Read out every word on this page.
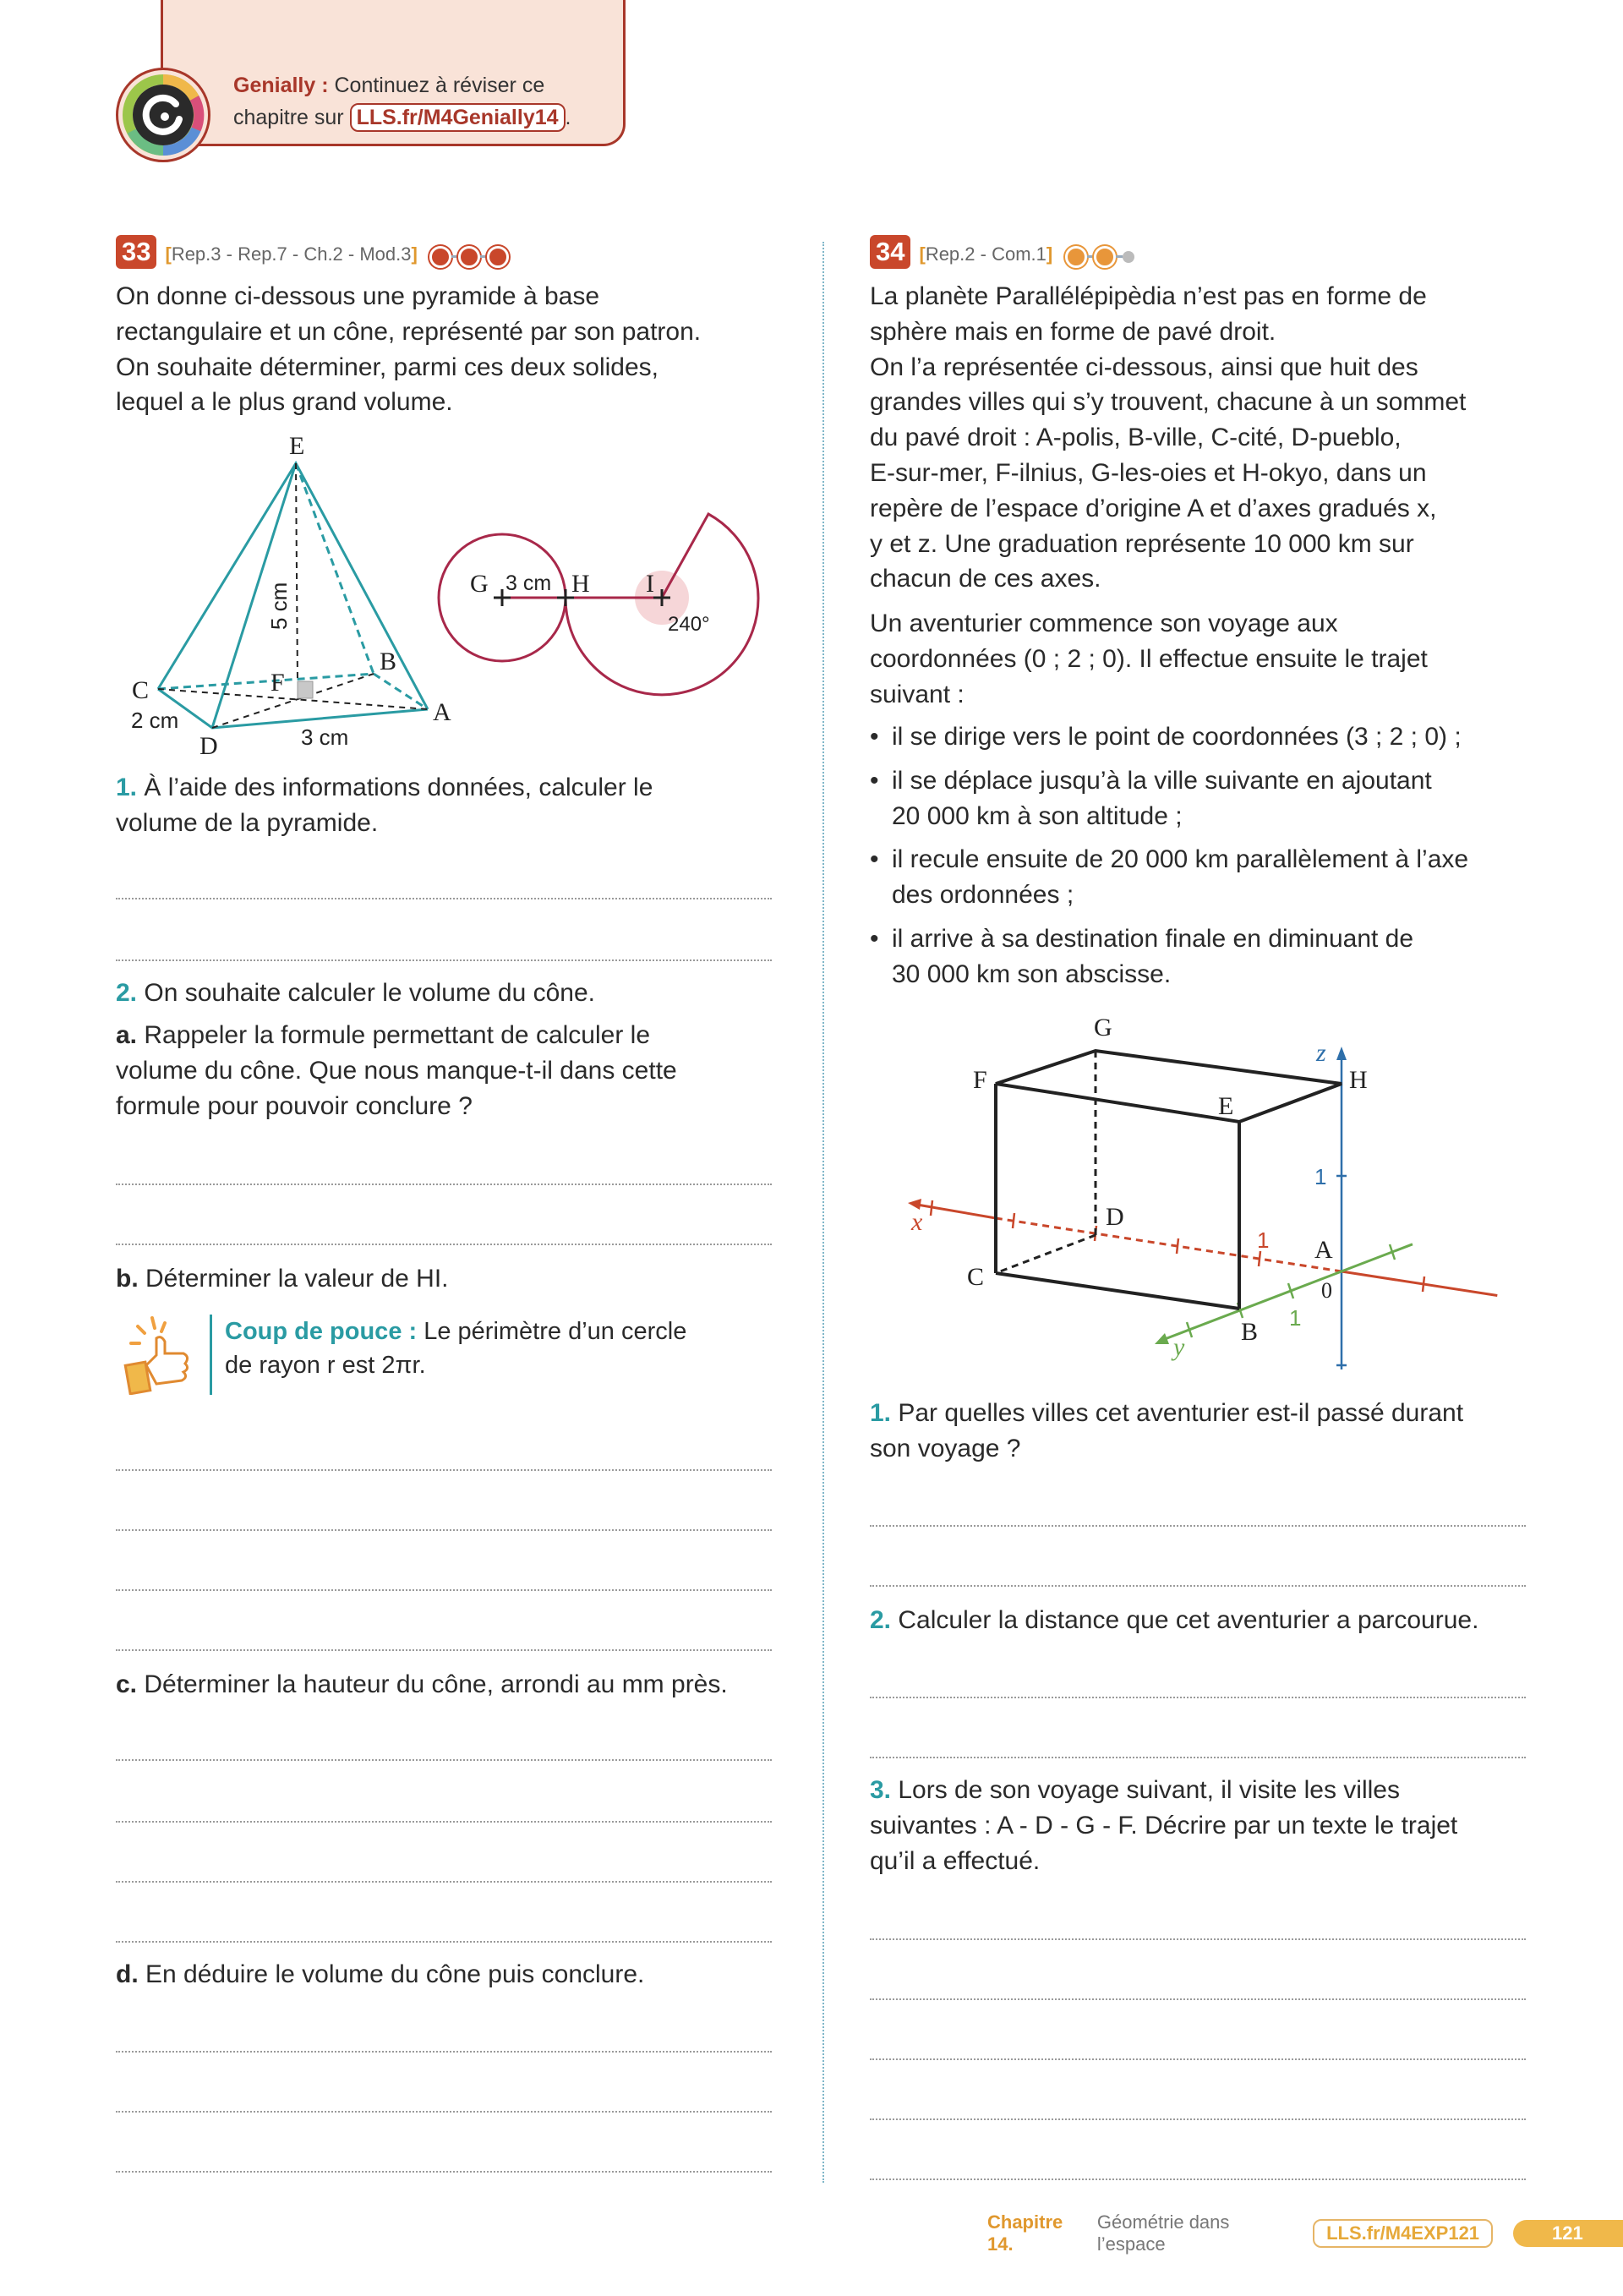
Genially : Continuez à réviser ce
chapitre sur LLS.fr/M4Genially14 .
33 [Rep.3 - Rep.7 - Ch.2 - Mod.3]
On donne ci-dessous une pyramide à base
rectangulaire et un cône, représenté par son patron.
On souhaite déterminer, parmi ces deux solides,
lequel a le plus grand volume.
E
C
D
A
B
F
2 cm
3 cm
5 cm	G	H I
3 cm
240°
1. À l’aide des informations données, calculer le
volume de la pyramide.
2. On souhaite calculer le volume du cône.
a. Rappeler la formule permettant de calculer le
volume du cône. Que nous manque-t-il dans cette
formule pour pouvoir conclure ?
b. Déterminer la valeur de HI.
Coup de pouce : Le périmètre d’un cercle
de rayon r est 2πr.
c. Déterminer la hauteur du cône, arrondi au mm près.
d. En déduire le volume du cône puis conclure.
34 [Rep.2 - Com.1]
La planète Parallélépipèdia n’est pas en forme de
sphère mais en forme de pavé droit.
On l’a représentée ci-dessous, ainsi que huit des
grandes villes qui s’y trouvent, chacune à un sommet
du pavé droit : A-polis, B-ville, C-cité, D-pueblo,
E-sur-mer, F-ilnius, G-les-oies et H-okyo, dans un
repère de l’espace d’origine A et d’axes gradués x,
y et z. Une graduation représente 10 000 km sur
chacun de ces axes.
Un aventurier commence son voyage aux
coordonnées (0 ; 2 ; 0). Il effectue ensuite le trajet
suivant :
• il se dirige vers le point de coordonnées (3 ; 2 ; 0) ;
• il se déplace jusqu’à la ville suivante en ajoutant
20 000 km à son altitude ;
• il recule ensuite de 20 000 km parallèlement à l’axe
des ordonnées ;
• il arrive à sa destination finale en diminuant de
30 000 km son abscisse.
G
F
E
H
C
B
D
A
0
z
x
y
1
1
1
1. Par quelles villes cet aventurier est-il passé durant
son voyage ?
2. Calculer la distance que cet aventurier a parcourue.
3. Lors de son voyage suivant, il visite les villes
suivantes : A - D - G - F. Décrire par un texte le trajet
qu’il a effectué.
Chapitre 14.
Géométrie dans l’espace
LLS.fr/M4EXP121	121
